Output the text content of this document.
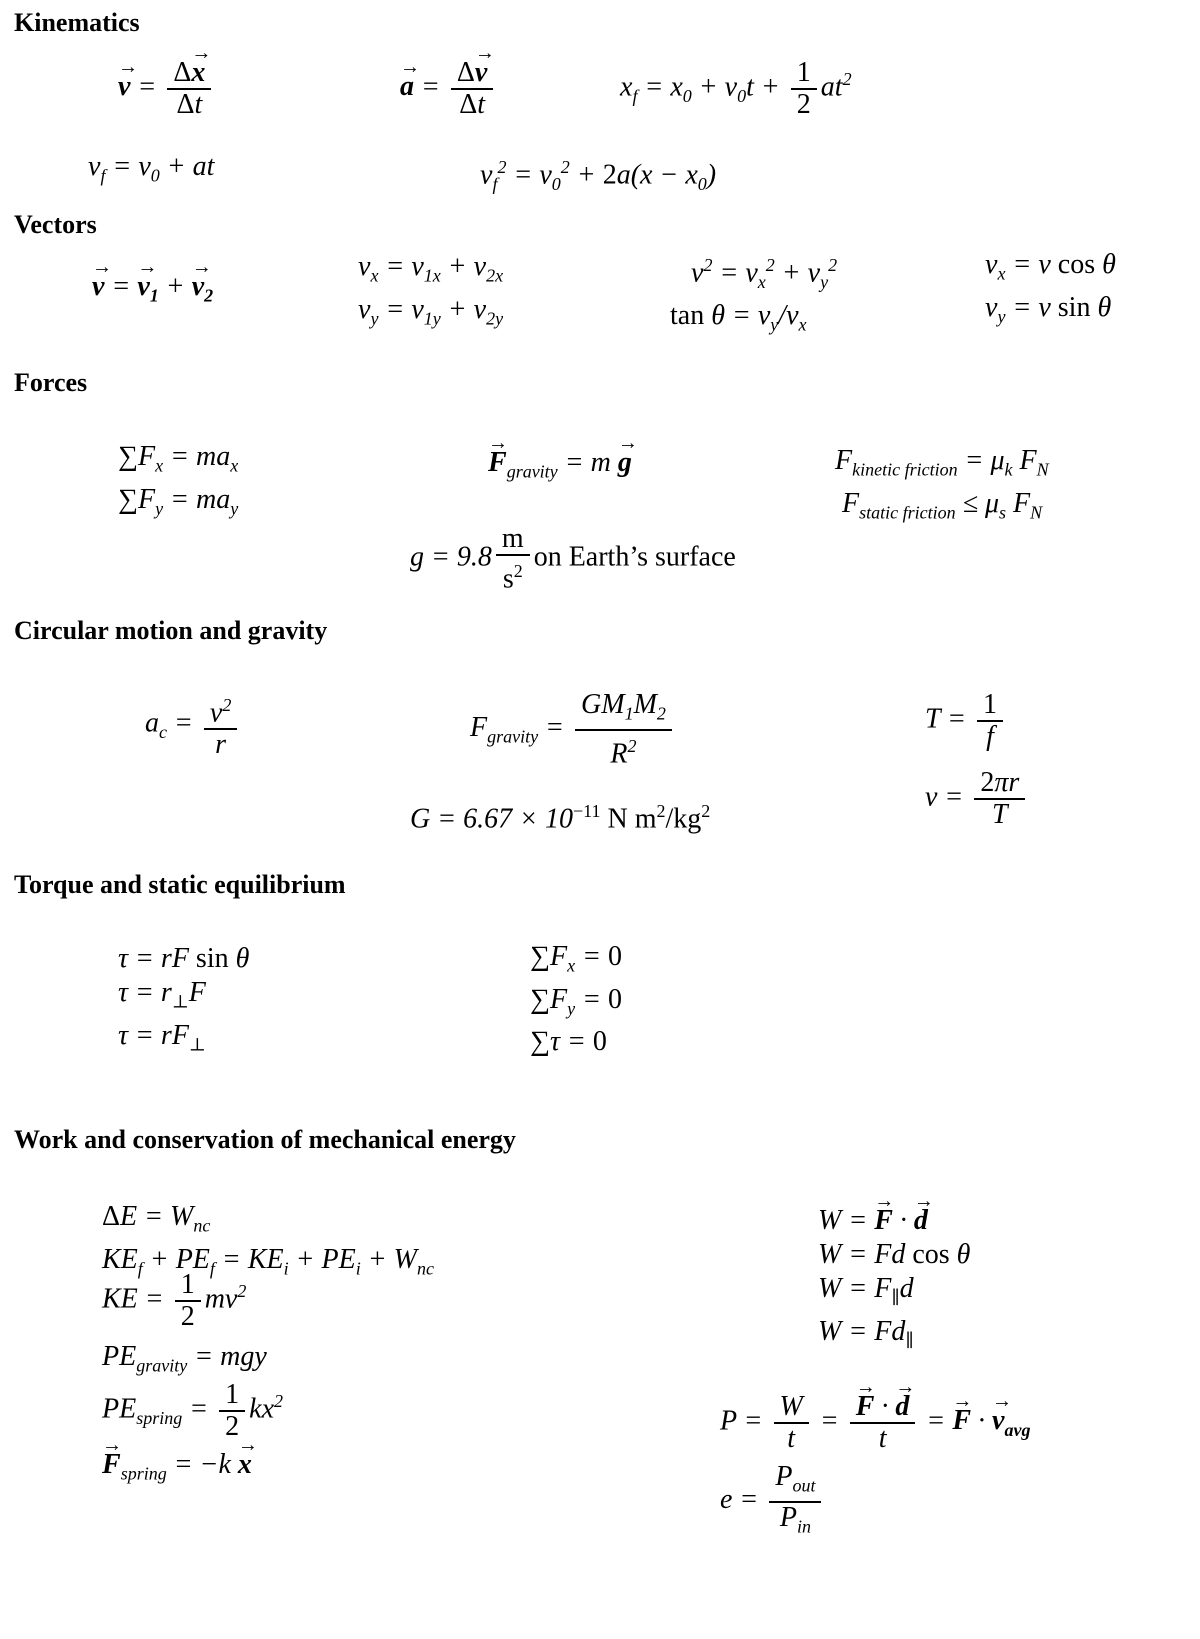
Kinematics
Vectors
Forces
Circular motion and gravity
Torque and static equilibrium
Work and conservation of mechanical energy
v → = $\frac{\Delta x \to}{\Delta t}$	a → = $\frac{\Delta v \to}{\Delta t}$	$x_f = x_0 + v_0t + \frac{1}{2} at^2$
$v_f = v_0$ + at	$v_f^2 = v_0^2 + 2a(x - x_0)$
v → = $v \to_1 + v \to_2$
$v_x = v_{1x} + v_{2x}$
$v_y = v_{1y} + v_{2y}$
$v^2 = v_x^2 + v_y^2$
$\tan \theta = v_y/v_x$
$v_x = v$ cos θ
$v_y = v$ sin θ
$\sum F_x = ma_x$
$\sum F_y = ma_y$
$F \to_{gravity} = m$ g →	$F_{kinetic friction} = \mu_k$ $F_N$
$F_{static friction} \le \mu_s$ $F_N$
$g = 9.8 \frac{m}{s^2}$ on Earth’s surface
$a_c = \frac{v^2}{r}$	$F_{gravity} = \frac{GM_1M_2}{R^2}$	$T = \frac{1}{f}$
$v = \frac{2\pi r}{T}$
$G = 6.67 \times 10^{-11}$ N $m^2/kg^2$
τ = rF sin θ
$\tau = r_\perp F$
$\tau = rF_\perp$
$\sum F_x = 0$
$\sum F_y = 0$
∑τ = 0
$\Delta E = W_{nc}$
$KE_f + PE_f = KE_i + PE_i + W_{nc}$
KE = $\frac{1}{2} mv^2$
$PE_{gravity}$ = mgy
$PE_{spring} = \frac{1}{2} kx^2$
$F \to_{spring} = -k$ x →
W = F → · d →
W = Fd cos θ
$W = F_\parallel d$
$W = Fd_\parallel$
$P = \frac{W}{t} = \frac{F \to \cdot d \to}{t} = F$ → · $v \to_{avg}$
$e = \frac{P_{out}}{P_{in}}$
